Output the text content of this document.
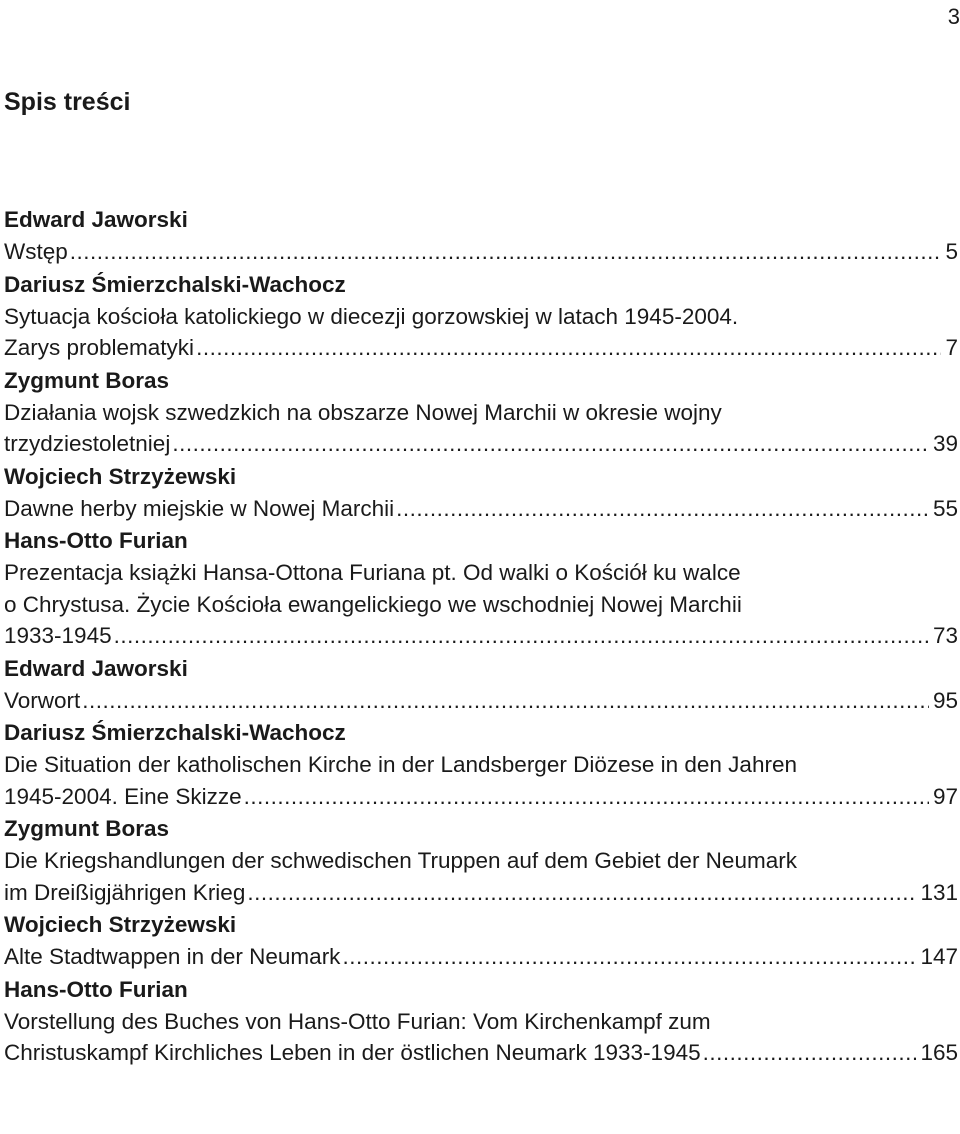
3
Spis treści
Edward Jaworski
Wstęp .....	5
Dariusz Śmierzchalski-Wachocz
Sytuacja kościoła katolickiego w diecezji gorzowskiej w latach 1945-2004.
Zarys problematyki .....	7
Zygmunt Boras
Działania wojsk szwedzkich na obszarze Nowej Marchii w okresie wojny
trzydziestoletniej .....	39
Wojciech Strzyżewski
Dawne herby miejskie w Nowej Marchii .....	55
Hans-Otto Furian
Prezentacja książki Hansa-Ottona Furiana pt. Od walki o Kościół ku walce
o Chrystusa. Życie Kościoła ewangelickiego we wschodniej Nowej Marchii
1933-1945 .....	73
Edward Jaworski
Vorwort .....	95
Dariusz Śmierzchalski-Wachocz
Die Situation der katholischen Kirche in der Landsberger Diözese in den Jahren
1945-2004. Eine Skizze .....	97
Zygmunt Boras
Die Kriegshandlungen der schwedischen Truppen auf dem Gebiet der Neumark
im Dreißigjährigen Krieg .....	131
Wojciech Strzyżewski
Alte Stadtwappen in der Neumark .....	147
Hans-Otto Furian
Vorstellung des Buches von Hans-Otto Furian: Vom Kirchenkampf zum
Christuskampf Kirchliches Leben in der östlichen Neumark 1933-1945 .....	165
